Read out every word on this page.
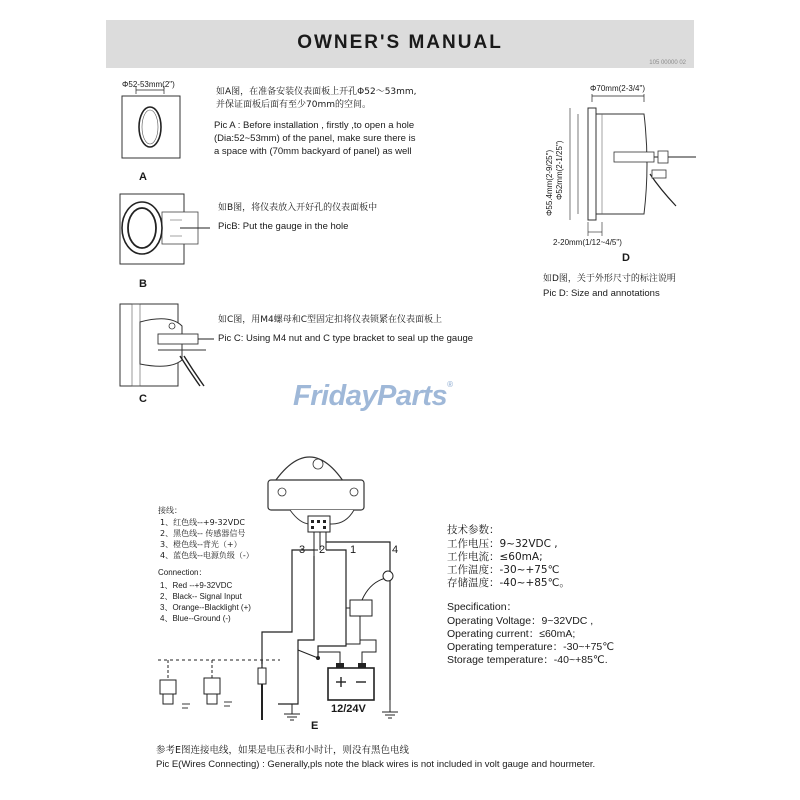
OWNER'S MANUAL
105 00000 02
Φ52-53mm(2")
A
如A图，在准备安装仪表面板上开孔Φ52～53mm,
并保证面板后面有至少70mm的空间。
Pic A : Before installation , firstly ,to open a hole
(Dia:52~53mm) of the panel, make sure there is
a space with (70mm backyard of panel) as well
B
如B图，将仪表放入开好孔的仪表面板中
PicB: Put the gauge in the hole
C
如C图，用M4螺母和C型固定扣将仪表锁紧在仪表面板上
Pic C: Using M4 nut and C type bracket to seal up the gauge
Φ70mm(2-3/4")
Φ55.4mm(2-9/25") Φ52mm(2-1/25")
2-20mm(1/12~4/5")
D
如D图，关于外形尺寸的标注说明
Pic D: Size and annotations
FridayParts®
3 2 1	4
12/24V
E
接线：
1、红色线--+9-32VDC
2、黑色线-- 传感器信号
3、橙色线--背光（+）
4、蓝色线--电源负级（-）
Connection：
1、Red --+9-32VDC
2、Black-- Signal Input
3、Orange--Blacklight (+)
4、Blue--Ground (-)
技术参数：
工作电压：9~32VDC ,
工作电流：≤60mA;
工作温度：-30~+75℃
存储温度：-40~+85℃。
Specification：
Operating Voltage：9~32VDC ,
Operating current：≤60mA;
Operating temperature：-30~+75℃
Storage temperature：-40~+85℃.
参考E图连接电线，如果是电压表和小时计，则没有黑色电线
Pic E(Wires Connecting) : Generally,pls note the black wires is not included in volt gauge and hourmeter.
